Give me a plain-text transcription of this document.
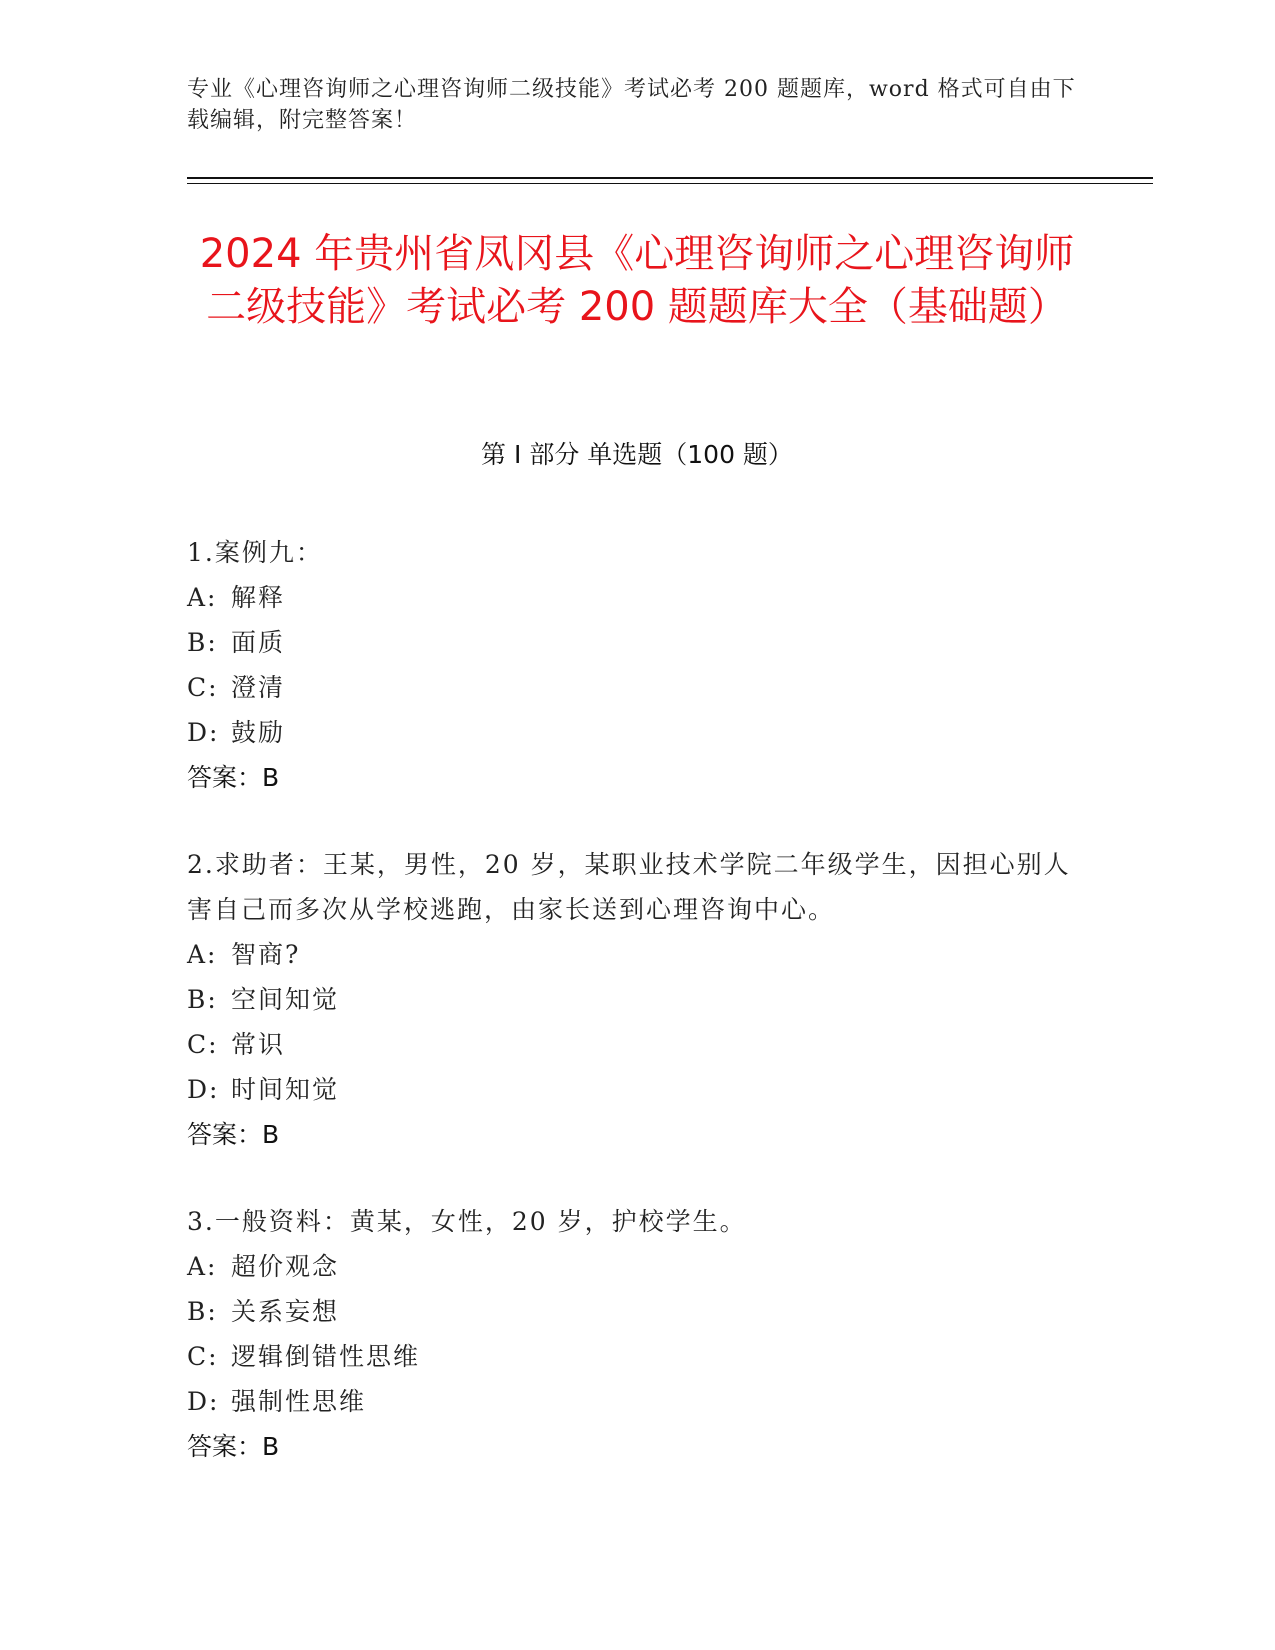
专业《心理咨询师之心理咨询师二级技能》考试必考 200 题题库，word 格式可自由下载编辑，附完整答案！
2024 年贵州省凤冈县《心理咨询师之心理咨询师二级技能》考试必考 200 题题库大全（基础题）
第 I 部分 单选题（100 题）
1.案例九：
A: 解释
B: 面质
C: 澄清
D: 鼓励
答案：B
2.求助者：王某，男性，20 岁，某职业技术学院二年级学生，因担心别人害自己而多次从学校逃跑，由家长送到心理咨询中心。
A: 智商?
B: 空间知觉
C: 常识
D: 时间知觉
答案：B
3.一般资料：黄某，女性，20 岁，护校学生。
A: 超价观念
B: 关系妄想
C: 逻辑倒错性思维
D: 强制性思维
答案：B
